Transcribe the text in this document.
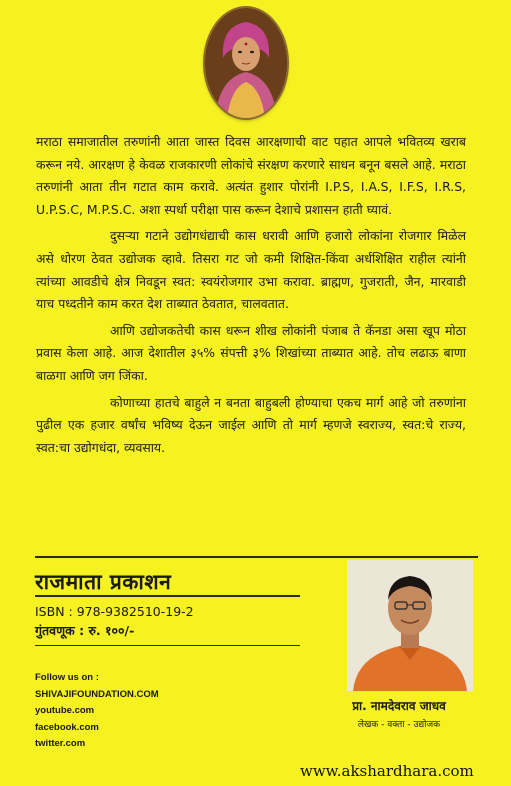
मराठा समाजातील तरुणांनी आता जास्त दिवस आरक्षणाची वाट पहात आपले भवितव्य खराब करून नये. आरक्षण हे केवळ राजकारणी लोकांचे संरक्षण करणारे साधन बनून बसले आहे. मराठा तरुणांनी आता तीन गटात काम करावे. अत्यंत हुशार पोरांनी I.P.S, I.A.S, I.F.S, I.R.S, U.P.S.C, M.P.S.C. अशा स्पर्धा परीक्षा पास करून देशाचे प्रशासन हाती घ्यावं.

दुसऱ्या गटाने उद्योगधंद्याची कास धरावी आणि हजारो लोकांना रोजगार मिळेल असे धोरण ठेवत उद्योजक व्हावे. तिसरा गट जो कमी शिक्षित-किंवा अर्धशिक्षित राहील त्यांनी त्यांच्या आवडीचे क्षेत्र निवडून स्वत: स्वयंरोजगार उभा करावा. ब्राह्मण, गुजराती, जैन, मारवाडी याच पध्दतीने काम करत देश ताब्यात ठेवतात, चालवतात.

आणि उद्योजकतेची कास धरून शीख लोकांनी पंजाब ते कॅनडा असा खूप मोठा प्रवास केला आहे. आज देशातील ३५% संपत्ती ३% शिखांच्या ताब्यात आहे. तोच लढाऊ बाणा बाळगा आणि जग जिंका.

कोणाच्या हातचे बाहुले न बनता बाहुबली होण्याचा एकच मार्ग आहे जो तरुणांना पुढील एक हजार वर्षांच भविष्य देऊन जाईल आणि तो मार्ग म्हणजे स्वराज्य, स्वत:चे राज्य, स्वत:चा उद्योगधंदा, व्यवसाय.

राजमाता प्रकाशन
ISBN : 978-9382510-19-2
गुंतवणूक : रु. १००/-
Follow us on :
SHIVAJIFOUNDATION.COM
youtube.com
facebook.com
twitter.com
प्रा. नामदेवराव जाधव
लेखक - वक्ता - उद्योजक
www.akshardhara.com
